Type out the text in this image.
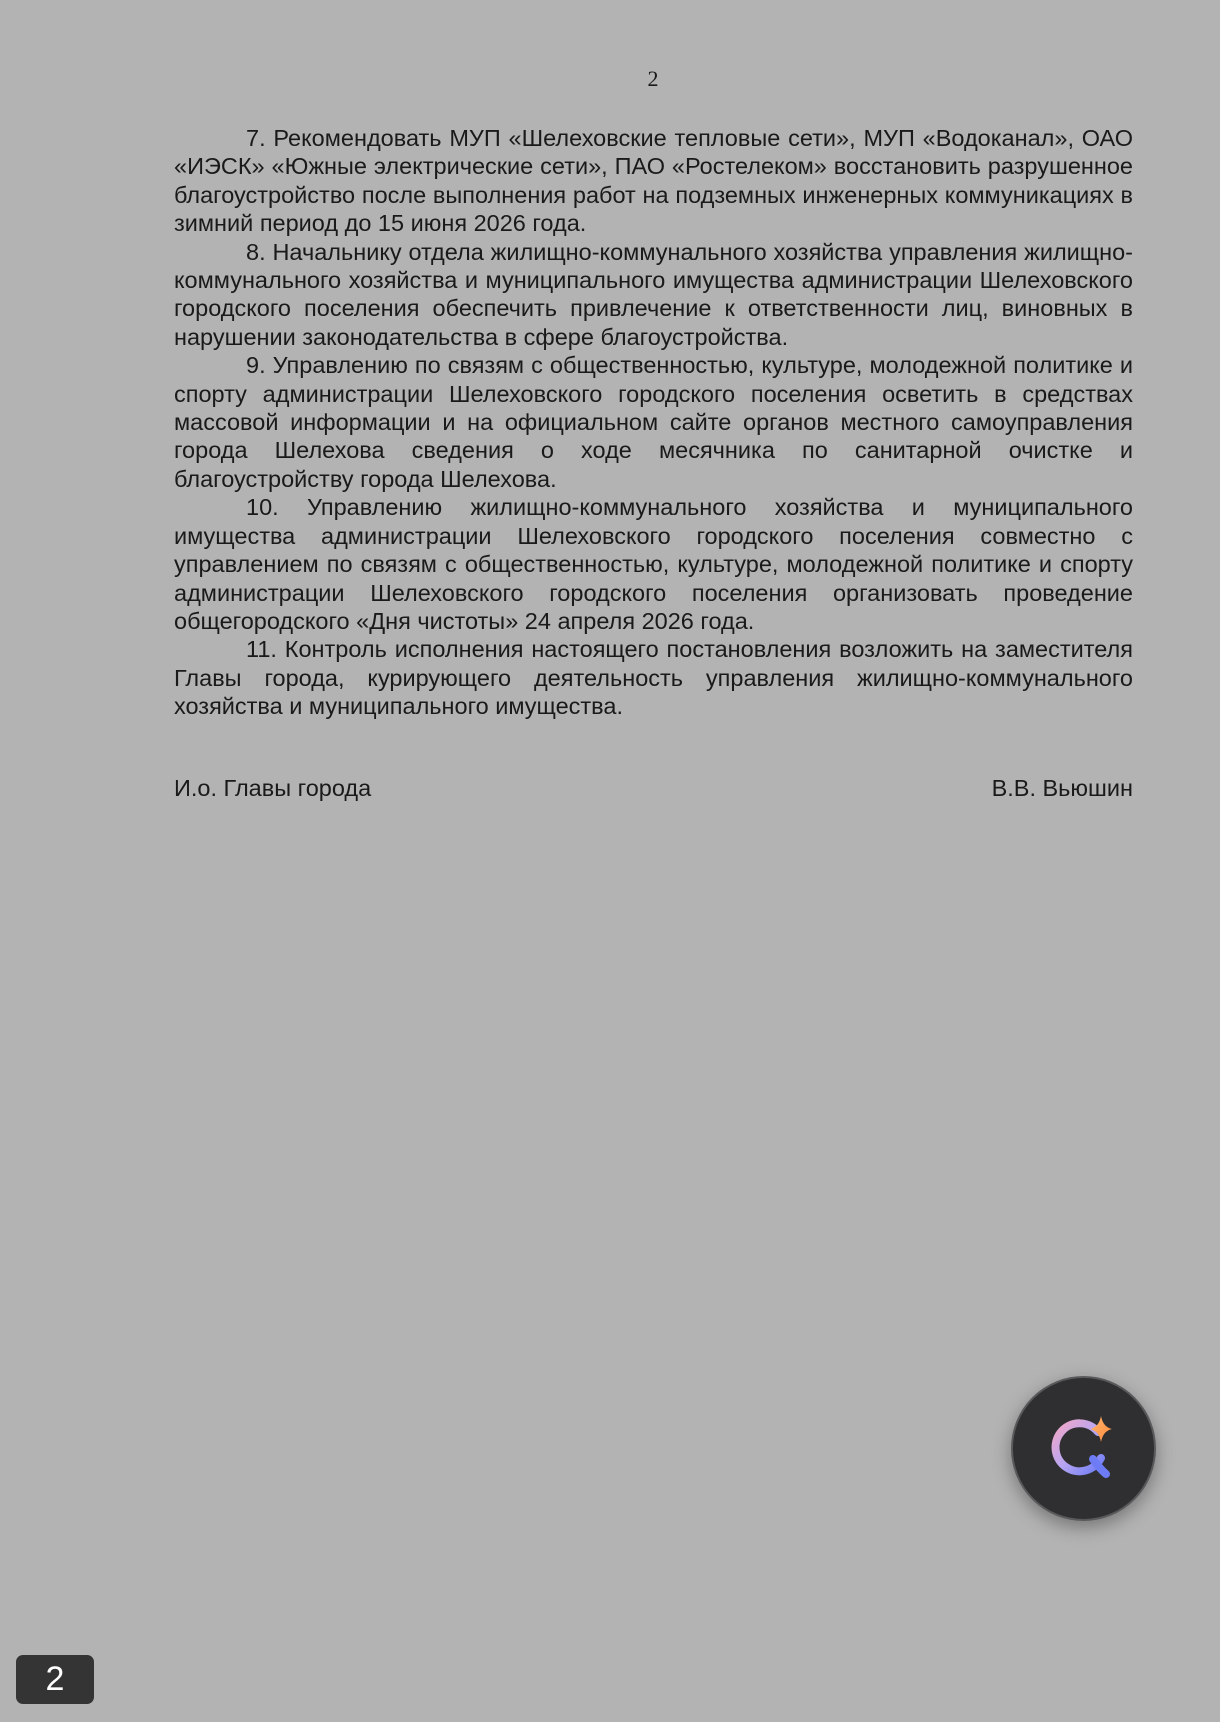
2

7. Рекомендовать МУП «Шелеховские тепловые сети», МУП «Водоканал», ОАО «ИЭСК» «Южные электрические сети», ПАО «Ростелеком» восстановить разрушенное благоустройство после выполнения работ на подземных инженерных коммуникациях в зимний период до 15 июня 2026 года.

8. Начальнику отдела жилищно-коммунального хозяйства управления жилищно-коммунального хозяйства и муниципального имущества администрации Шелеховского городского поселения обеспечить привлечение к ответственности лиц, виновных в нарушении законодательства в сфере благоустройства.

9. Управлению по связям с общественностью, культуре, молодежной политике и спорту администрации Шелеховского городского поселения осветить в средствах массовой информации и на официальном сайте органов местного самоуправления города Шелехова сведения о ходе месячника по санитарной очистке и благоустройству города Шелехова.

10. Управлению жилищно-коммунального хозяйства и муниципального имущества администрации Шелеховского городского поселения совместно с управлением по связям с общественностью, культуре, молодежной политике и спорту администрации Шелеховского городского поселения организовать проведение общегородского «Дня чистоты» 24 апреля 2026 года.

11. Контроль исполнения настоящего постановления возложить на заместителя Главы города, курирующего деятельность управления жилищно-коммунального хозяйства и муниципального имущества.

И.о. Главы города	В.В. Вьюшин
2
